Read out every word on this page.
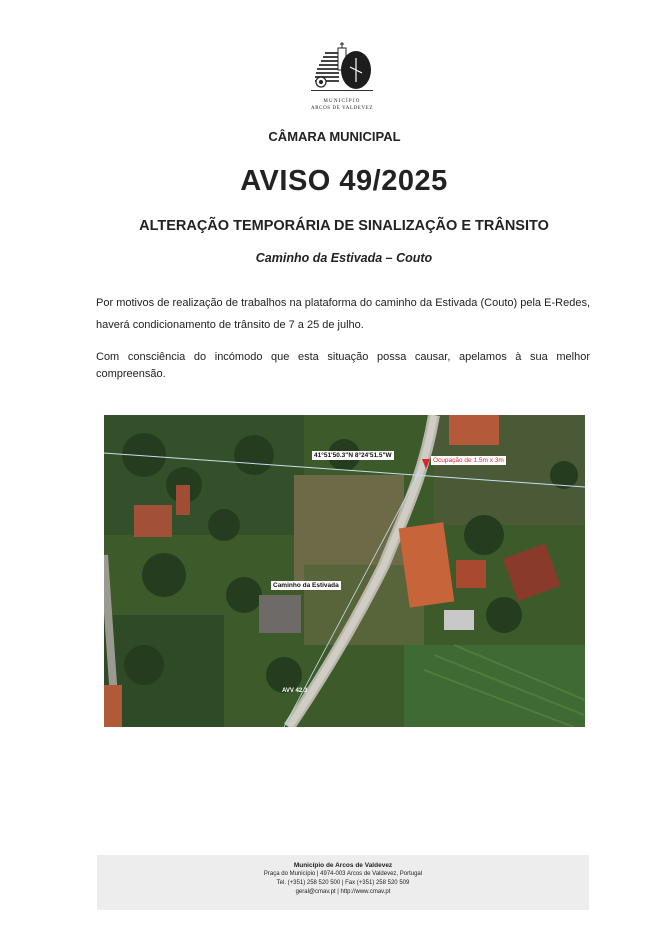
MUNICÍPIO
ARCOS DE VALDEVEZ
CÂMARA MUNICIPAL
AVISO 49/2025
ALTERAÇÃO TEMPORÁRIA DE SINALIZAÇÃO E TRÂNSITO
Caminho da Estivada – Couto
Por motivos de realização de trabalhos na plataforma do caminho da Estivada (Couto) pela E-Redes, haverá condicionamento de trânsito de 7 a 25 de julho.
Com consciência do incómodo que esta situação possa causar, apelamos à sua melhor compreensão.
41°51'50.3"N 8°24'51.5"W
Ocupação de 1.5m x 3m
Caminho da Estivada
AVV 42.3
Município de Arcos de Valdevez
Praça do Município | 4974-003 Arcos de Valdevez, Portugal
Tel. (+351) 258 520 500 | Fax (+351) 258 520 509
geral@cmav.pt | http://www.cmav.pt
